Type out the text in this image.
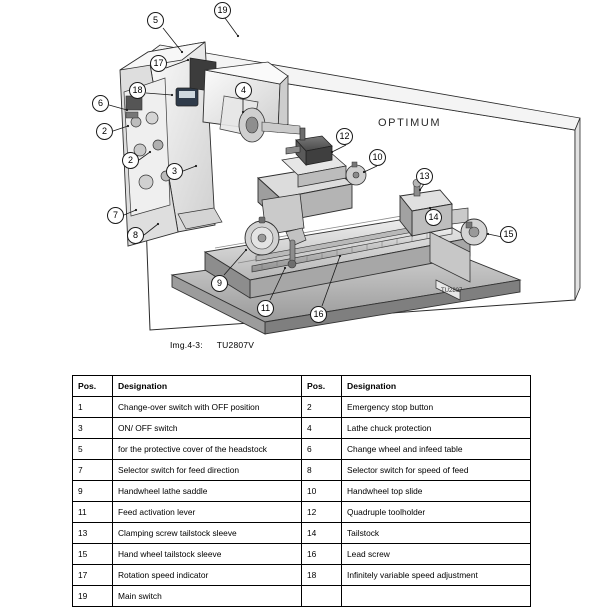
TU2807
OPTIMUM
2
2
3
4
5
6
7
8
9
10
11
12
13
14
15
16
17
18
19
Img.4-3: TU2807V
Pos.	Designation	Pos.	Designation
1	Change-over switch with OFF position	2	Emergency stop button
3	ON/ OFF switch	4	Lathe chuck protection
5	for the protective cover of the headstock	6	Change wheel and infeed table
7	Selector switch for feed direction	8	Selector switch for speed of feed
9	Handwheel lathe saddle	10	Handwheel top slide
11	Feed activation lever	12	Quadruple toolholder
13	Clamping screw tailstock sleeve	14	Tailstock
15	Hand wheel tailstock sleeve	16	Lead screw
17	Rotation speed indicator	18	Infinitely variable speed adjustment
19	Main switch		
